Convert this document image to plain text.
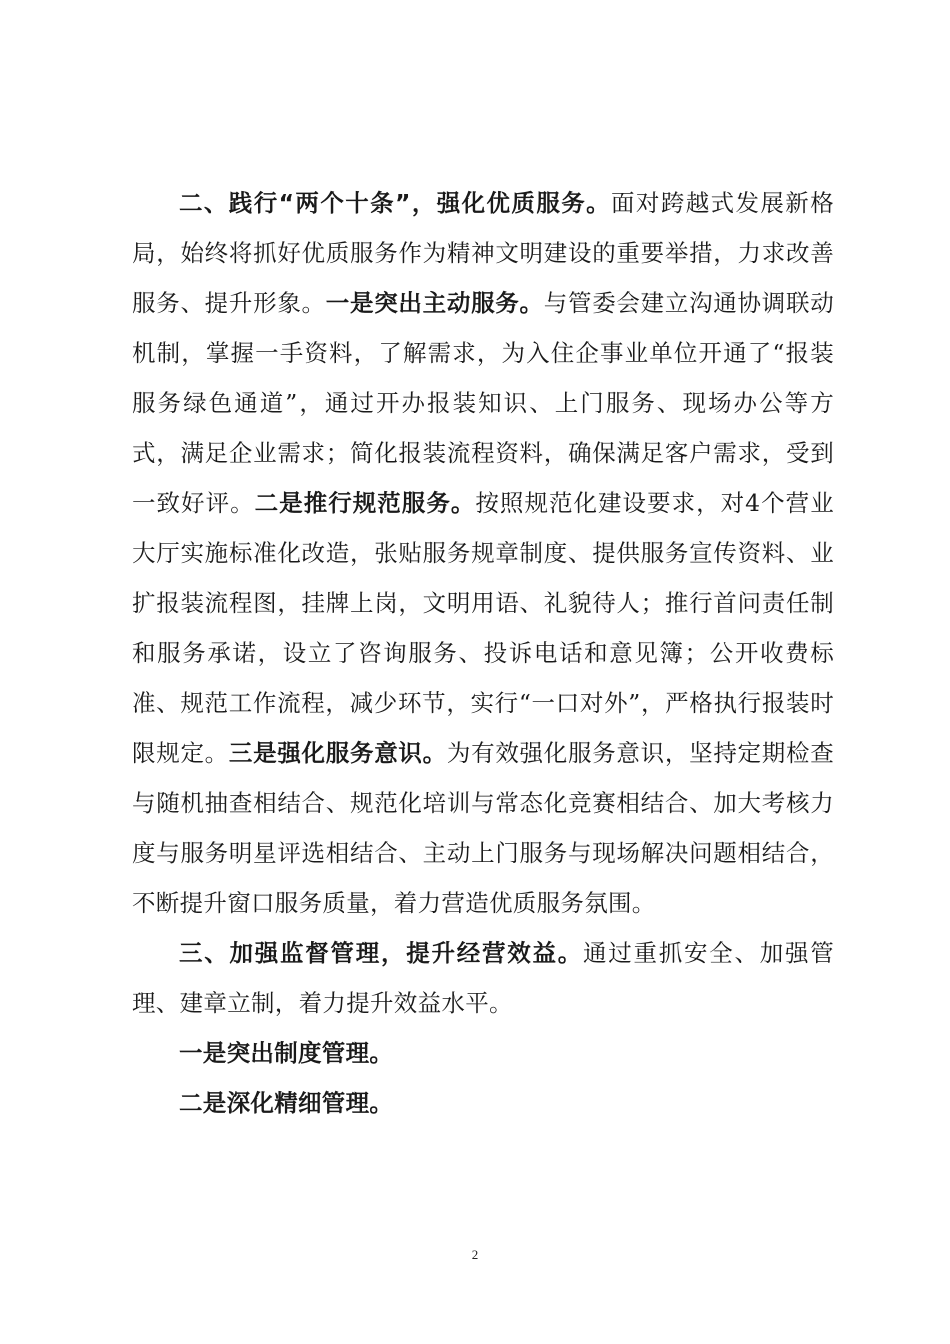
二、践行“两个十条”，强化优质服务。面对跨越式发展新格局，始终将抓好优质服务作为精神文明建设的重要举措，力求改善服务、提升形象。一是突出主动服务。与管委会建立沟通协调联动机制，掌握一手资料，了解需求，为入住企事业单位开通了“报装服务绿色通道”，通过开办报装知识、上门服务、现场办公等方式，满足企业需求；简化报装流程资料，确保满足客户需求，受到一致好评。二是推行规范服务。按照规范化建设要求，对4个营业大厅实施标准化改造，张贴服务规章制度、提供服务宣传资料、业扩报装流程图，挂牌上岗，文明用语、礼貌待人；推行首问责任制和服务承诺，设立了咨询服务、投诉电话和意见簿；公开收费标准、规范工作流程，减少环节，实行“一口对外”，严格执行报装时限规定。三是强化服务意识。为有效强化服务意识，坚持定期检查与随机抽查相结合、规范化培训与常态化竞赛相结合、加大考核力度与服务明星评选相结合、主动上门服务与现场解决问题相结合，不断提升窗口服务质量，着力营造优质服务氛围。

三、加强监督管理，提升经营效益。通过重抓安全、加强管理、建章立制，着力提升效益水平。

一是突出制度管理。

二是深化精细管理。

2
